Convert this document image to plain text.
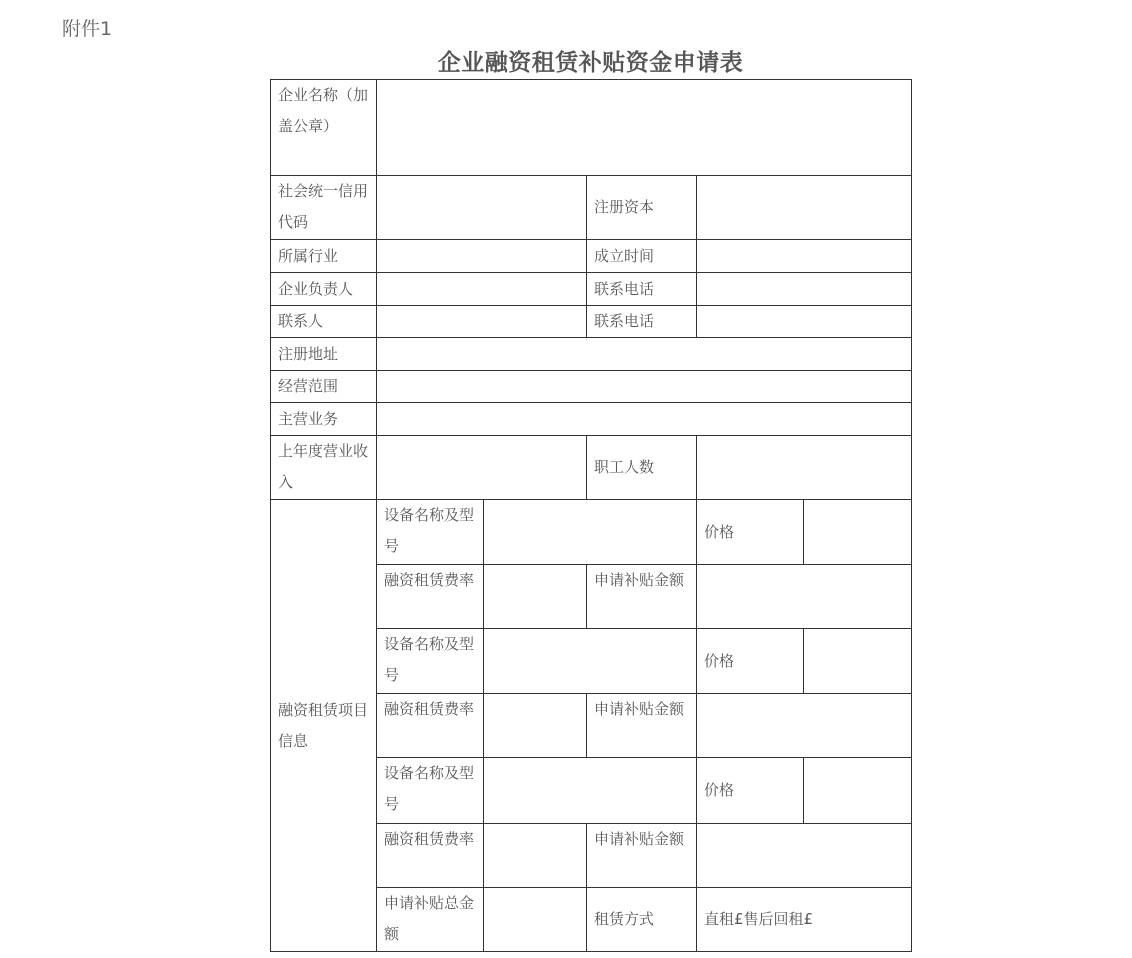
附件1
企业融资租赁补贴资金申请表
企业名称（加盖公章）					
社会统一信用代码			注册资本		
所属行业			成立时间		
企业负责人			联系电话		
联系人			联系电话		
注册地址					
经营范围					
主营业务					
上年度营业收入			职工人数		
融资租赁项目信息	设备名称及型号			价格	
	融资租赁费率		申请补贴金额		
	设备名称及型号			价格	
	融资租赁费率		申请补贴金额		
	设备名称及型号			价格	
	融资租赁费率		申请补贴金额		
	申请补贴总金额		租赁方式	直租£售后回租£	
